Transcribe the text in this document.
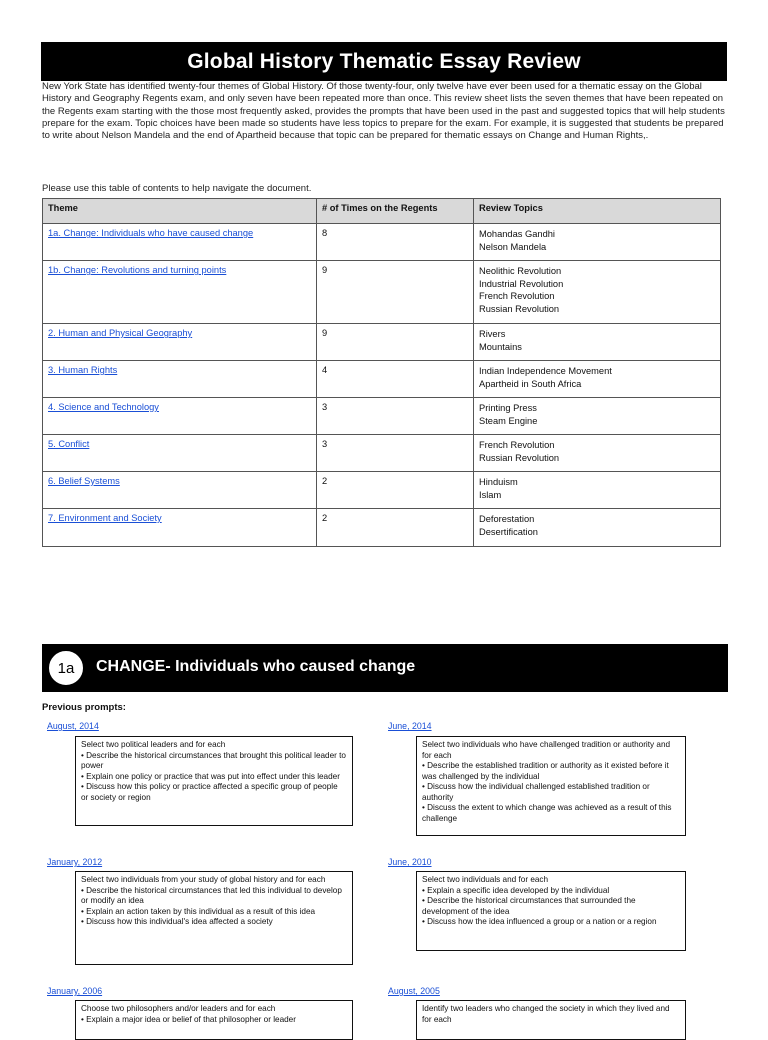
Global History Thematic Essay Review
New York State has identified twenty-four themes of Global History. Of those twenty-four, only twelve have ever been used for a thematic essay on the Global History and Geography Regents exam, and only seven have been repeated more than once. This review sheet lists the seven themes that have been repeated on the Regents exam starting with the those most frequently asked, provides the prompts that have been used in the past and suggested topics that will help students prepare for the exam. Topic choices have been made so students have less topics to prepare for the exam. For example, it is suggested that students be prepared to write about Nelson Mandela and the end of Apartheid because that topic can be prepared for thematic essays on Change and Human Rights,.
Please use this table of contents to help navigate the document.
Theme	# of Times on the Regents	Review Topics
1a. Change: Individuals who have caused change	8	Mohandas Gandhi
Nelson Mandela

1b. Change: Revolutions and turning points	9	Neolithic Revolution
Industrial Revolution
French Revolution
Russian Revolution

2. Human and Physical Geography	9	Rivers
Mountains

3. Human Rights	4	Indian Independence Movement
Apartheid in South Africa

4. Science and Technology	3	Printing Press
Steam Engine

5. Conflict	3	French Revolution
Russian Revolution

6. Belief Systems	2	Hinduism
Islam

7. Environment and Society	2	Deforestation
Desertification
1a	CHANGE- Individuals who caused change
Previous prompts:
August, 2014
Select two political leaders and for each
• Describe the historical circumstances that brought this political leader to power
• Explain one policy or practice that was put into effect under this leader
• Discuss how this policy or practice affected a specific group of people or society or region
June, 2014
Select two individuals who have challenged tradition or authority and for each
• Describe the established tradition or authority as it existed before it was challenged by the individual
• Discuss how the individual challenged established tradition or authority
• Discuss the extent to which change was achieved as a result of this challenge
January, 2012
Select two individuals from your study of global history and for each
• Describe the historical circumstances that led this individual to develop or modify an idea
• Explain an action taken by this individual as a result of this idea
• Discuss how this individual's idea affected a society
June, 2010
Select two individuals and for each
• Explain a specific idea developed by the individual
• Describe the historical circumstances that surrounded the development of the idea
• Discuss how the idea influenced a group or a nation or a region
January, 2006
Choose two philosophers and/or leaders and for each
• Explain a major idea or belief of that philosopher or leader
August, 2005
Identify two leaders who changed the society in which they lived and for each
